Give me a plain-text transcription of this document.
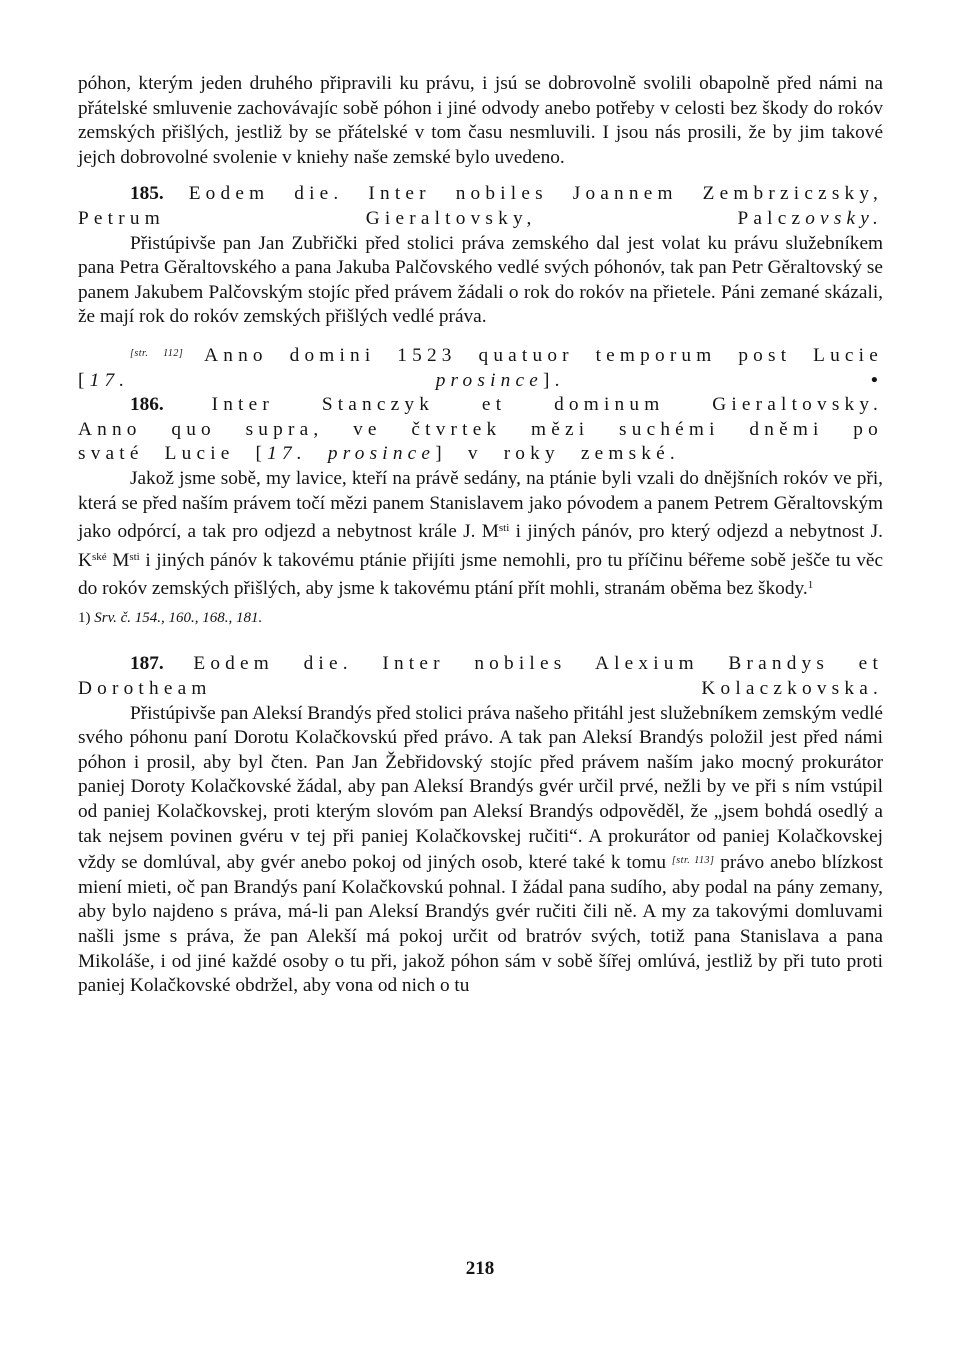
póhon, kterým jeden druhého připravili ku právu, i jsú se dobrovolně svolili obapolně před námi na přátelské smluvenie zachovávajíc sobě póhon i jiné odvody anebo potřeby v celosti bez škody do rokóv zemských přišlých, jestliž by se přátelské v tom času nesmluvili. I jsou nás prosili, že by jim takové jejch dobrovolné svolenie v kniehy naše zemské bylo uvedeno.

185. Eodem die. Inter nobiles Joannem Zembrziczsky, Petrum Gieraltovsky, Palczovsky.

Přistúpivše pan Jan Zubřički před stolici práva zemského dal jest volat ku právu služebníkem pana Petra Gěraltovského a pana Jakuba Palčovského vedlé svých póhonóv, tak pan Petr Gěraltovský se panem Jakubem Palčovským stojíc před právem žádali o rok do rokóv na přietele. Páni zemané skázali, že mají rok do rokóv zemských přišlých vedlé práva.

[str. 112] Anno domini 1523 quatuor temporum post Lucie [17. prosince].	•

186. Inter Stanczyk et dominum Gieraltovsky.

Anno quo supra, ve čtvrtek mězi suchémi dněmi po svaté Lucie [17. prosince] v roky zemské.

Jakož jsme sobě, my lavice, kteří na právě sedány, na ptánie byli vzali do dnějšních rokóv ve při, která se před naším právem točí mězi panem Stanislavem jako póvodem a panem Petrem Gěraltovským jako odpórcí, a tak pro odjezd a nebytnost krále J. $M^{sti}$ i jiných pánóv, pro který odjezd a nebytnost J. $K^{ské}$ $M^{sti}$ i jiných pánóv k takovému ptánie přijíti jsme nemohli, pro tu příčinu béřeme sobě ješče tu věc do rokóv zemských přišlých, aby jsme k takovému ptání přít mohli, stranám oběma bez škody.$^1$

1) Srv. č. 154., 160., 168., 181.

187. Eodem die. Inter nobiles Alexium Brandys et Dorotheam Kolaczkovska.

Přistúpivše pan Aleksí Brandýs před stolici práva našeho přitáhl jest služebníkem zemským vedlé svého póhonu paní Dorotu Kolačkovskú před právo. A tak pan Aleksí Brandýs položil jest před námi póhon i prosil, aby byl čten. Pan Jan Žebřidovský stojíc před právem naším jako mocný prokurátor paniej Doroty Kolačkovské žádal, aby pan Aleksí Brandýs gvér určil prvé, nežli by ve při s ním vstúpil od paniej Kolačkovskej, proti kterým slovóm pan Aleksí Brandýs odpověděl, že „jsem bohdá osedlý a tak nejsem povinen gvéru v tej při paniej Kolačkovskej ručiti“. A prokurátor od paniej Kolačkovskej vždy se domlúval, aby gvér anebo pokoj od jiných osob, které také k tomu [str. 113] právo anebo blízkost miení mieti, oč pan Brandýs paní Kolačkovskú pohnal. I žádal pana sudího, aby podal na pány zemany, aby bylo najdeno s práva, má-li pan Aleksí Brandýs gvér ručiti čili ně. A my za takovými domluvami našli jsme s práva, že pan Alekší má pokoj určit od bratróv svých, totiž pana Stanislava a pana Mikoláše, i od jiné každé osoby o tu při, jakož póhon sám v sobě šířej omlúvá, jestliž by při tuto proti paniej Kolačkovské obdržel, aby vona od nich o tu

218
